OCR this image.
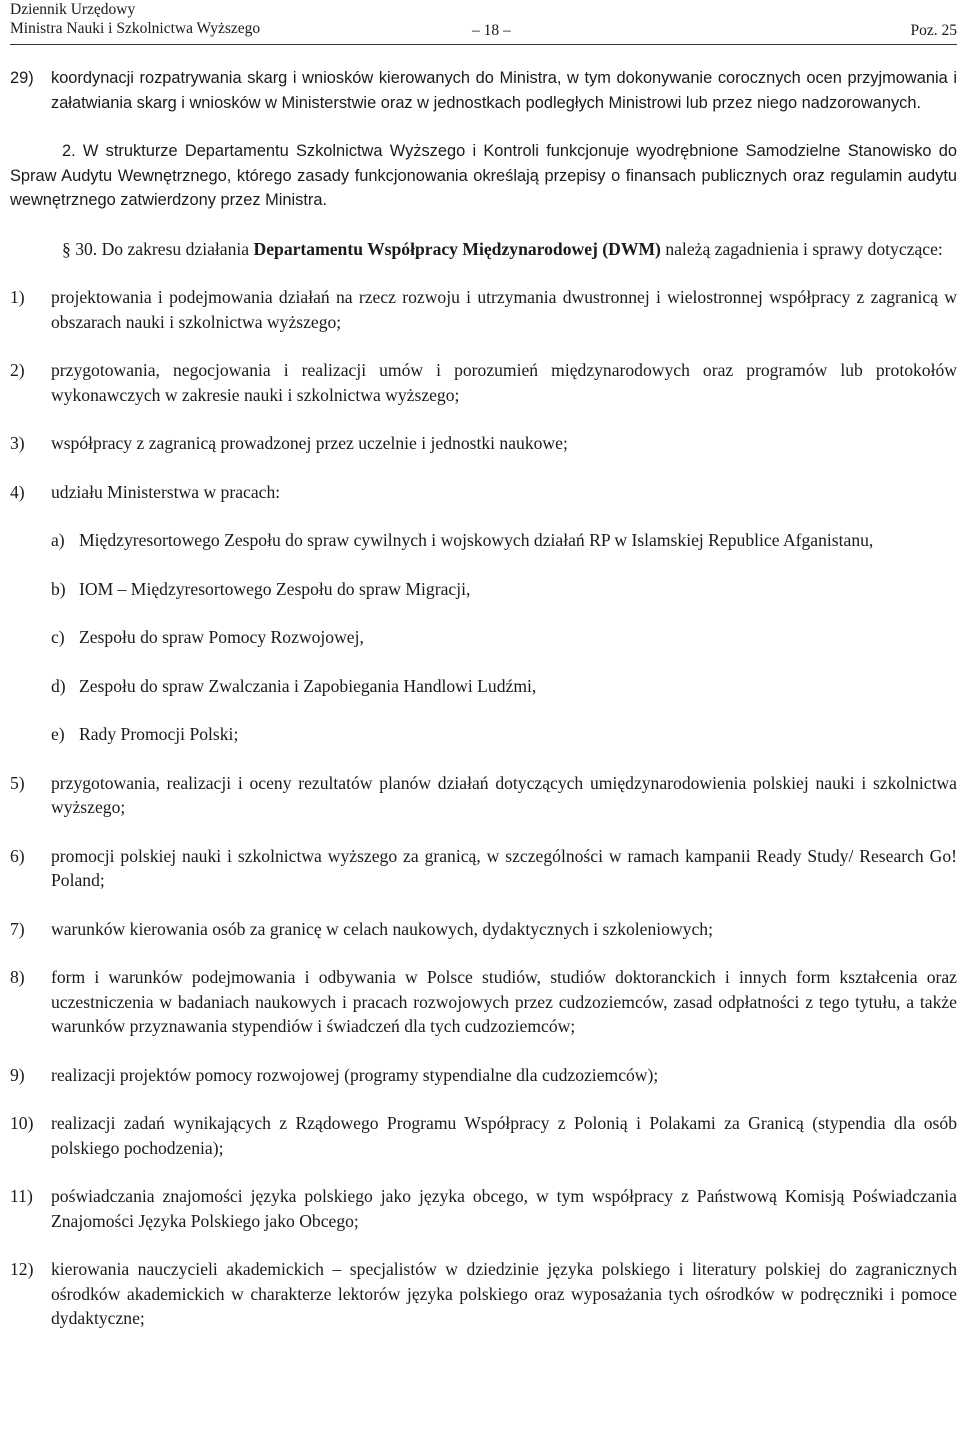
Dziennik Urzędowy
Ministra Nauki i Szkolnictwa Wyższego	– 18 –	Poz. 25
29)	koordynacji rozpatrywania skarg i wniosków kierowanych do Ministra, w tym dokonywanie corocznych ocen przyjmowania i załatwiania skarg i wniosków w Ministerstwie oraz w jednostkach podległych Ministrowi lub przez niego nadzorowanych.

2. W strukturze Departamentu Szkolnictwa Wyższego i Kontroli funkcjonuje wyodrębnione Samodzielne Stanowisko do Spraw Audytu Wewnętrznego, którego zasady funkcjonowania określają przepisy o finansach publicznych oraz regulamin audytu wewnętrznego zatwierdzony przez Ministra.

§ 30. Do zakresu działania Departamentu Współpracy Międzynarodowej (DWM) należą zagadnienia i sprawy dotyczące:

1)	projektowania i podejmowania działań na rzecz rozwoju i utrzymania dwustronnej i wielostronnej współpracy z zagranicą w obszarach nauki i szkolnictwa wyższego;
2)	przygotowania, negocjowania i realizacji umów i porozumień międzynarodowych oraz programów lub protokołów wykonawczych w zakresie nauki i szkolnictwa wyższego;
3)	współpracy z zagranicą prowadzonej przez uczelnie i jednostki naukowe;
4)	udziału Ministerstwa w pracach:
a) Międzyresortowego Zespołu do spraw cywilnych i wojskowych działań RP w Islamskiej Republice Afganistanu,
b) IOM – Międzyresortowego Zespołu do spraw Migracji,
c) Zespołu do spraw Pomocy Rozwojowej,
d) Zespołu do spraw Zwalczania i Zapobiegania Handlowi Ludźmi,
e) Rady Promocji Polski;
5)	przygotowania, realizacji i oceny rezultatów planów działań dotyczących umiędzynarodowienia polskiej nauki i szkolnictwa wyższego;
6)	promocji polskiej nauki i szkolnictwa wyższego za granicą, w szczególności w ramach kampanii Ready Study/ Research Go! Poland;
7)	warunków kierowania osób za granicę w celach naukowych, dydaktycznych i szkoleniowych;
8)	form i warunków podejmowania i odbywania w Polsce studiów, studiów doktoranckich i innych form kształcenia oraz uczestniczenia w badaniach naukowych i pracach rozwojowych przez cudzoziemców, zasad odpłatności z tego tytułu, a także warunków przyznawania stypendiów i świadczeń dla tych cudzoziemców;
9)	realizacji projektów pomocy rozwojowej (programy stypendialne dla cudzoziemców);
10) realizacji zadań wynikających z Rządowego Programu Współpracy z Polonią i Polakami za Granicą (stypendia dla osób polskiego pochodzenia);
11)	poświadczania znajomości języka polskiego jako języka obcego, w tym współpracy z Państwową Komisją Poświadczania Znajomości Języka Polskiego jako Obcego;
12) kierowania nauczycieli akademickich – specjalistów w dziedzinie języka polskiego i literatury polskiej do zagranicznych ośrodków akademickich w charakterze lektorów języka polskiego oraz wyposażania tych ośrodków w podręczniki i pomoce dydaktyczne;
